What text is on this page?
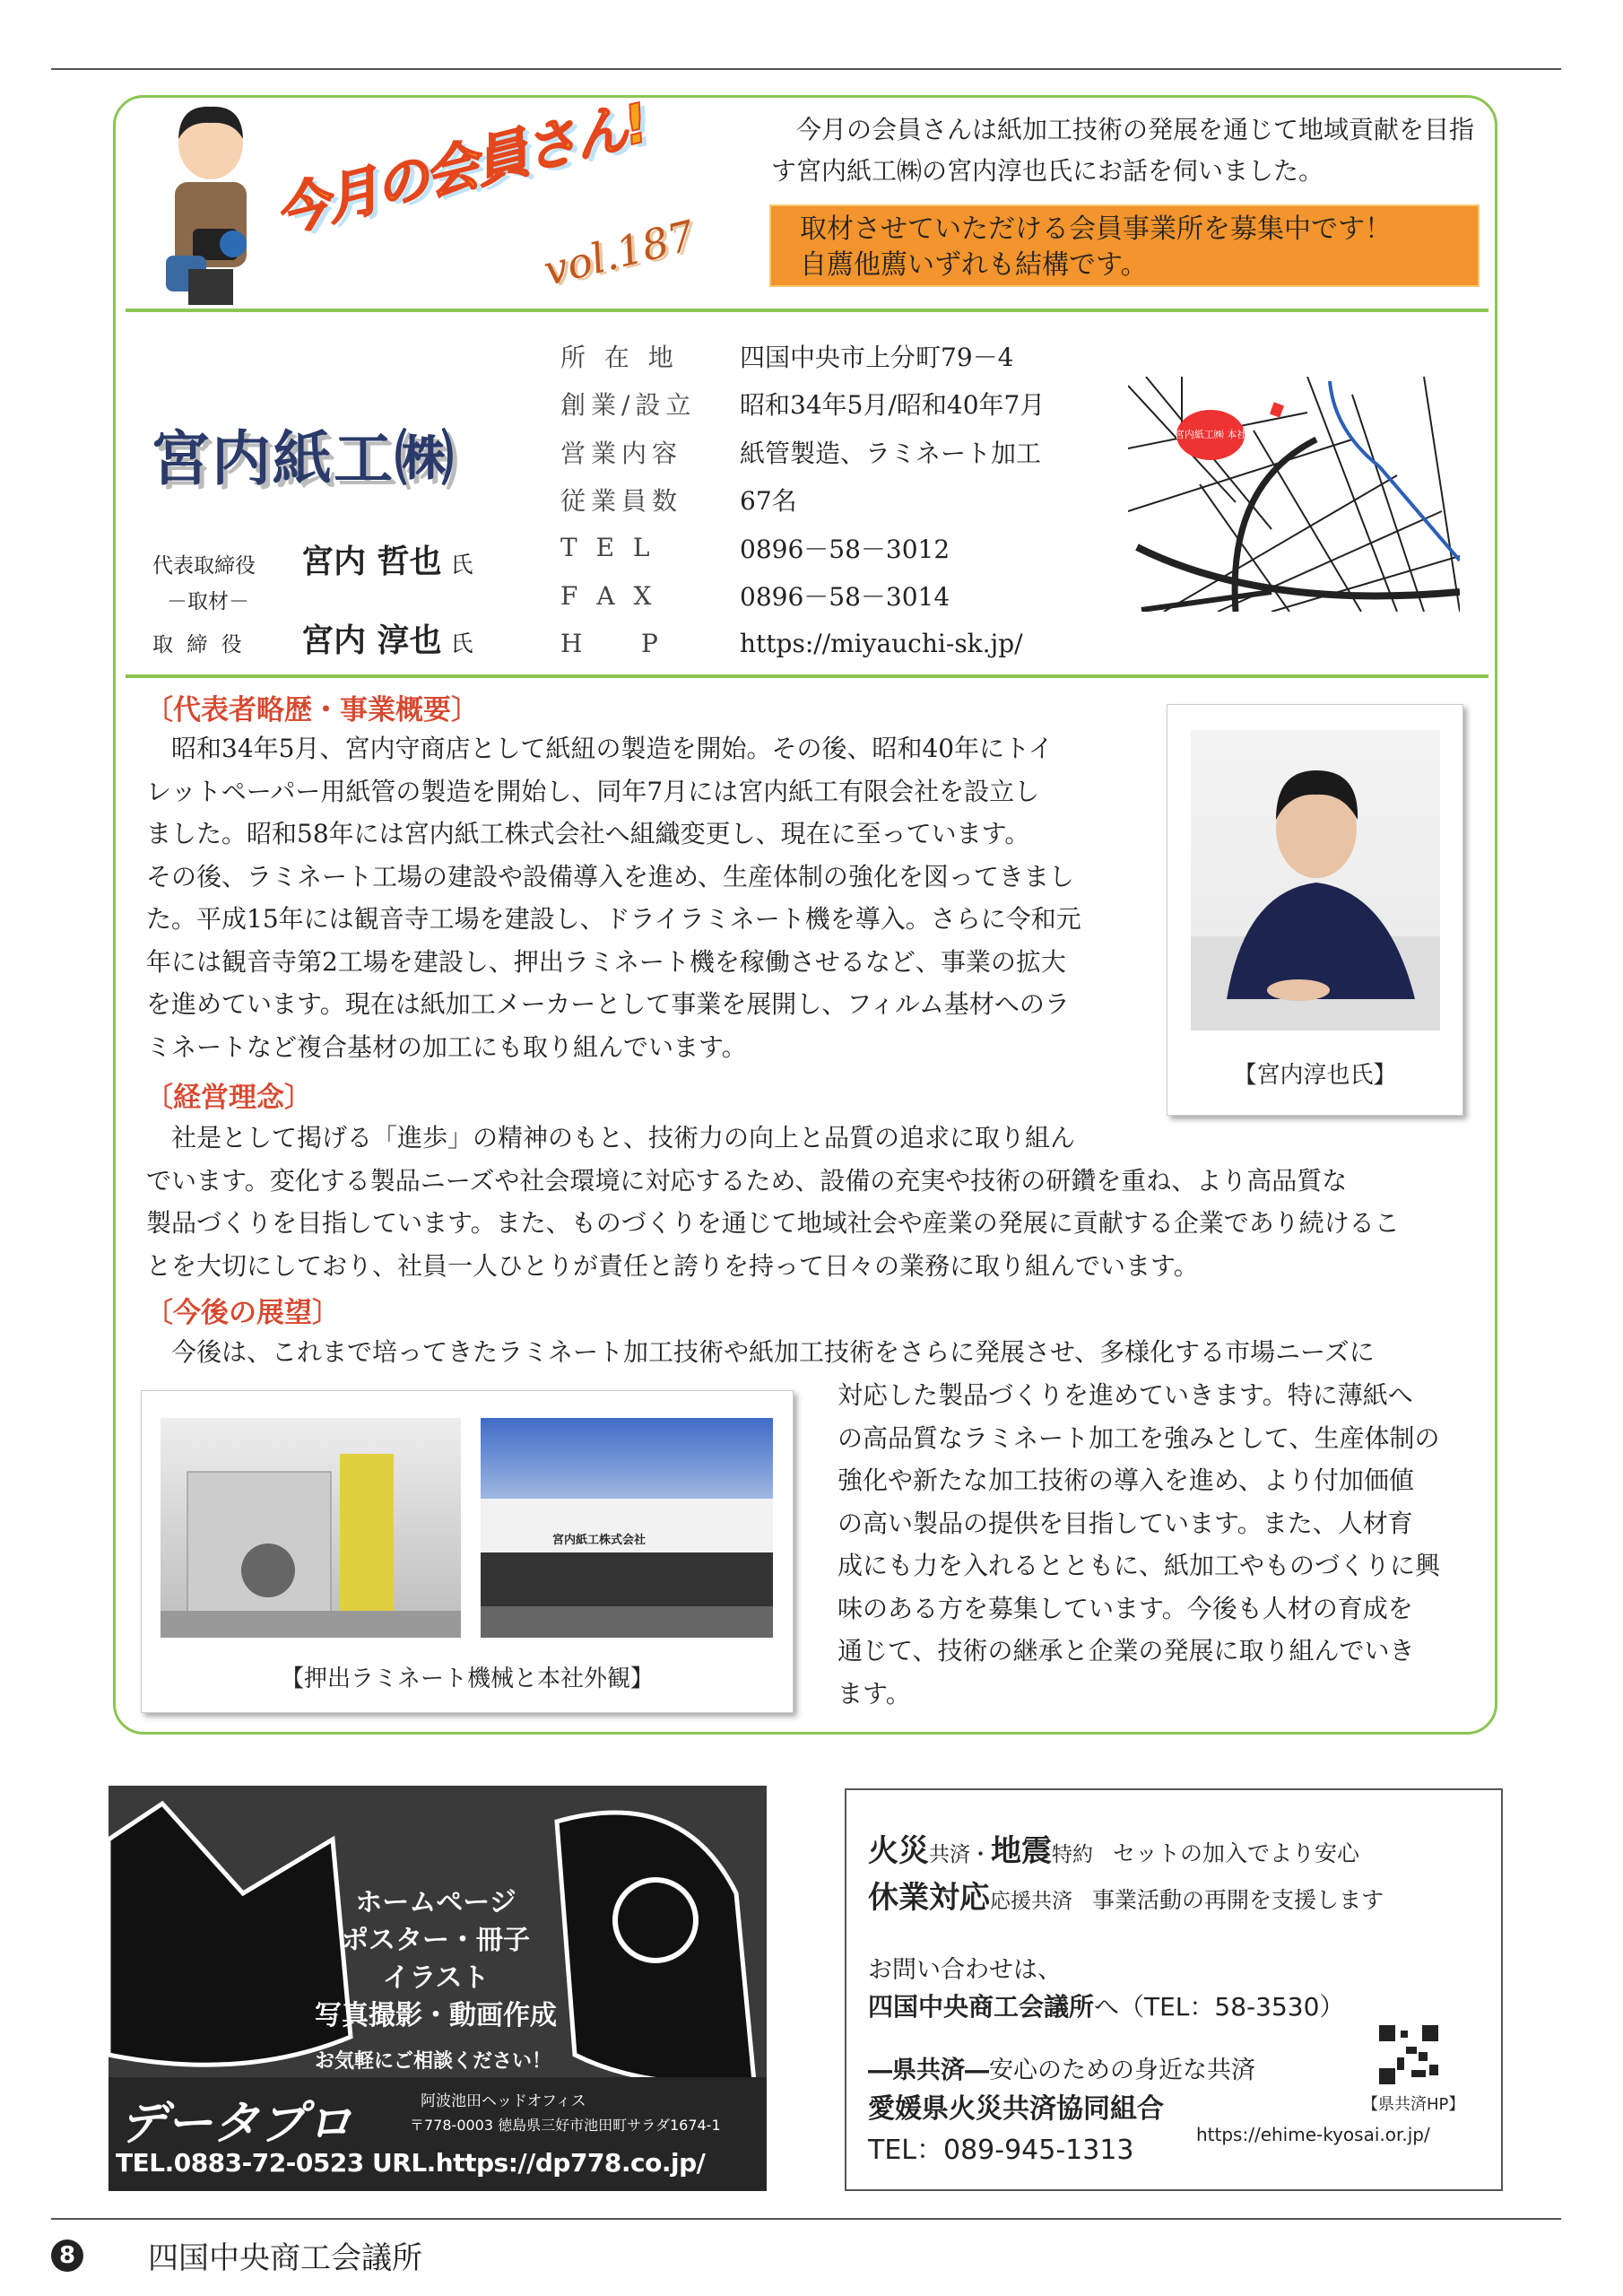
今月の会員さん!
vol.187
今月の会員さんは紙加工技術の発展を通じて地域貢献を目指す宮内紙工㈱の宮内淳也氏にお話を伺いました。
取材させていただける会員事業所を募集中です！
自薦他薦いずれも結構です。
宮内紙工㈱
代表取締役 宮内 哲也 氏
－取材－
取 締 役 宮内 淳也 氏
所 在 地	四国中央市上分町79－4
創業/設立	昭和34年5月/昭和40年7月
営業内容	紙管製造、ラミネート加工
従業員数	67名
T E L	0896－58－3012
F A X	0896－58－3014
H    P	https://miyauchi-sk.jp/
宮内紙工㈱ 本社
〔代表者略歴・事業概要〕
　昭和34年5月、宮内守商店として紙紐の製造を開始。その後、昭和40年にトイ
レットペーパー用紙管の製造を開始し、同年7月には宮内紙工有限会社を設立し
ました。昭和58年には宮内紙工株式会社へ組織変更し、現在に至っています。
その後、ラミネート工場の建設や設備導入を進め、生産体制の強化を図ってきまし
た。平成15年には観音寺工場を建設し、ドライラミネート機を導入。さらに令和元
年には観音寺第2工場を建設し、押出ラミネート機を稼働させるなど、事業の拡大
を進めています。現在は紙加工メーカーとして事業を展開し、フィルム基材へのラ
ミネートなど複合基材の加工にも取り組んでいます。
〔経営理念〕
　社是として掲げる「進歩」の精神のもと、技術力の向上と品質の追求に取り組ん
でいます。変化する製品ニーズや社会環境に対応するため、設備の充実や技術の研鑽を重ね、より高品質な
製品づくりを目指しています。また、ものづくりを通じて地域社会や産業の発展に貢献する企業であり続けるこ
とを大切にしており、社員一人ひとりが責任と誇りを持って日々の業務に取り組んでいます。
〔今後の展望〕
　今後は、これまで培ってきたラミネート加工技術や紙加工技術をさらに発展させ、多様化する市場ニーズに
対応した製品づくりを進めていきます。特に薄紙へ
の高品質なラミネート加工を強みとして、生産体制の
強化や新たな加工技術の導入を進め、より付加価値
の高い製品の提供を目指しています。また、人材育
成にも力を入れるとともに、紙加工やものづくりに興
味のある方を募集しています。今後も人材の育成を
通じて、技術の継承と企業の発展に取り組んでいき
ます。
【宮内淳也氏】
宮内紙工株式会社
【押出ラミネート機械と本社外観】
ホームページ
ポスター・冊子
イラスト
写真撮影・動画作成
お気軽にご相談ください！
データプロ	阿波池田ヘッドオフィス
〒778-0003 徳島県三好市池田町サラダ1674-1
TEL.0883-72-0523 URL.https://dp778.co.jp/
火災共済・地震特約 セットの加入でより安心
休業対応応援共済 事業活動の再開を支援します
お問い合わせは、
四国中央商工会議所へ（TEL：58-3530）
―県共済―安心のための身近な共済
愛媛県火災共済協同組合
TEL：089-945-1313
【県共済HP】
https://ehime-kyosai.or.jp/
8 四国中央商工会議所
